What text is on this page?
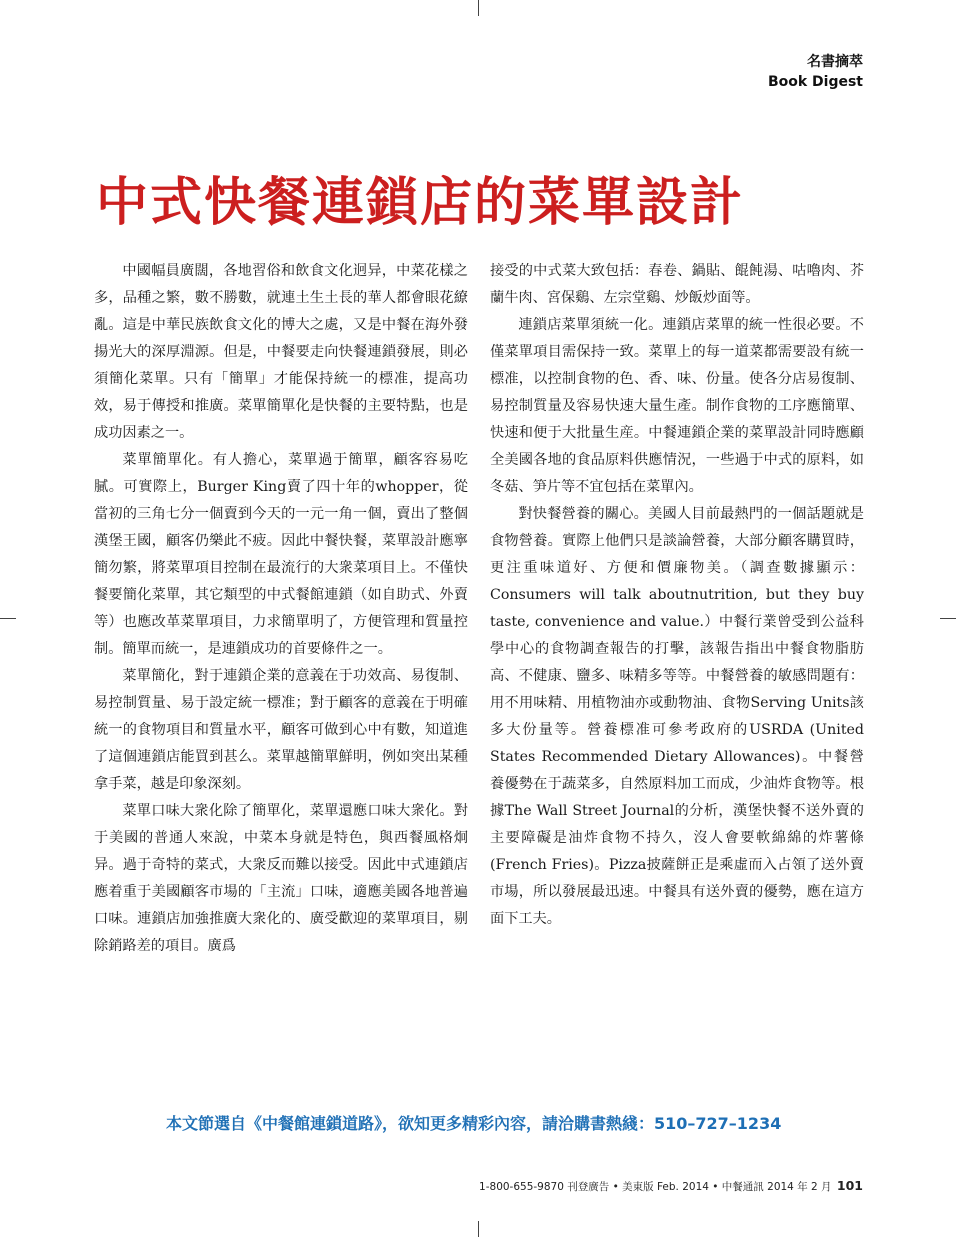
名書摘萃
Book Digest
中式快餐連鎖店的菜單設計

中國幅員廣闊，各地習俗和飲食文化迥异，中菜花樣之多，品種之繁，數不勝數，就連土生土長的華人都會眼花繚亂。這是中華民族飲食文化的博大之處，又是中餐在海外發揚光大的深厚淵源。但是，中餐要走向快餐連鎖發展，則必須簡化菜單。只有「簡單」才能保持統一的標准，提高功效，易于傳授和推廣。菜單簡單化是快餐的主要特點，也是成功因素之一。

菜單簡單化。有人擔心，菜單過于簡單，顧客容易吃膩。可實際上，Burger King賣了四十年的whopper，從當初的三角七分一個賣到今天的一元一角一個，賣出了整個漢堡王國，顧客仍樂此不疲。因此中餐快餐，菜單設計應寧簡勿繁，將菜單項目控制在最流行的大衆菜項目上。不僅快餐要簡化菜單，其它類型的中式餐館連鎖（如自助式、外賣等）也應改革菜單項目，力求簡單明了，方便管理和質量控制。簡單而統一，是連鎖成功的首要條件之一。

菜單簡化，對于連鎖企業的意義在于功效高、易復制、易控制質量、易于設定統一標准；對于顧客的意義在于明確統一的食物項目和質量水平，顧客可做到心中有數，知道進了這個連鎖店能買到甚么。菜單越簡單鮮明，例如突出某種拿手菜，越是印象深刻。

菜單口味大衆化除了簡單化，菜單還應口味大衆化。對于美國的普通人來說，中菜本身就是特色，與西餐風格炯异。過于奇特的菜式，大衆反而難以接受。因此中式連鎖店應着重于美國顧客市場的「主流」口味，適應美國各地普遍口味。連鎖店加強推廣大衆化的、廣受歡迎的菜單項目，剔除銷路差的項目。廣爲

接受的中式菜大致包括：春卷、鍋貼、餛飩湯、咕嚕肉、芥蘭牛肉、宮保鷄、左宗堂鷄、炒飯炒面等。

連鎖店菜單須統一化。連鎖店菜單的統一性很必要。不僅菜單項目需保持一致。菜單上的每一道菜都需要設有統一標准，以控制食物的色、香、味、份量。使各分店易復制、易控制質量及容易快速大量生產。制作食物的工序應簡單、快速和便于大批量生産。中餐連鎖企業的菜單設計同時應顧全美國各地的食品原料供應情況，一些過于中式的原料，如冬菇、笋片等不宜包括在菜單內。

對快餐營養的關心。美國人目前最熱門的一個話題就是食物營養。實際上他們只是談論營養，大部分顧客購買時，更注重味道好、方便和價廉物美。（調查數據顯示：Consumers will talk aboutnutrition, but they buy taste, convenience and value.）中餐行業曾受到公益科學中心的食物調查報告的打擊，該報告指出中餐食物脂肪高、不健康、鹽多、味精多等等。中餐營養的敏感問題有：用不用味精、用植物油亦或動物油、食物Serving Units該多大份量等。營養標准可參考政府的USRDA (United States Recommended Dietary Allowances)。中餐營養優勢在于蔬菜多，自然原料加工而成，少油炸食物等。根據The Wall Street Journal的分析，漢堡快餐不送外賣的主要障礙是油炸食物不持久，沒人會要軟綿綿的炸薯條 (French Fries)。Pizza披薩餅正是乘虛而入占領了送外賣市場，所以發展最迅速。中餐具有送外賣的優勢，應在這方面下工夫。

本文節選自《中餐館連鎖道路》，欲知更多精彩內容，請洽購書熱綫：510–727–1234
1-800-655-9870 刊登廣告 • 美東版 Feb. 2014 • 中餐通訊 2014 年 2 月 101
